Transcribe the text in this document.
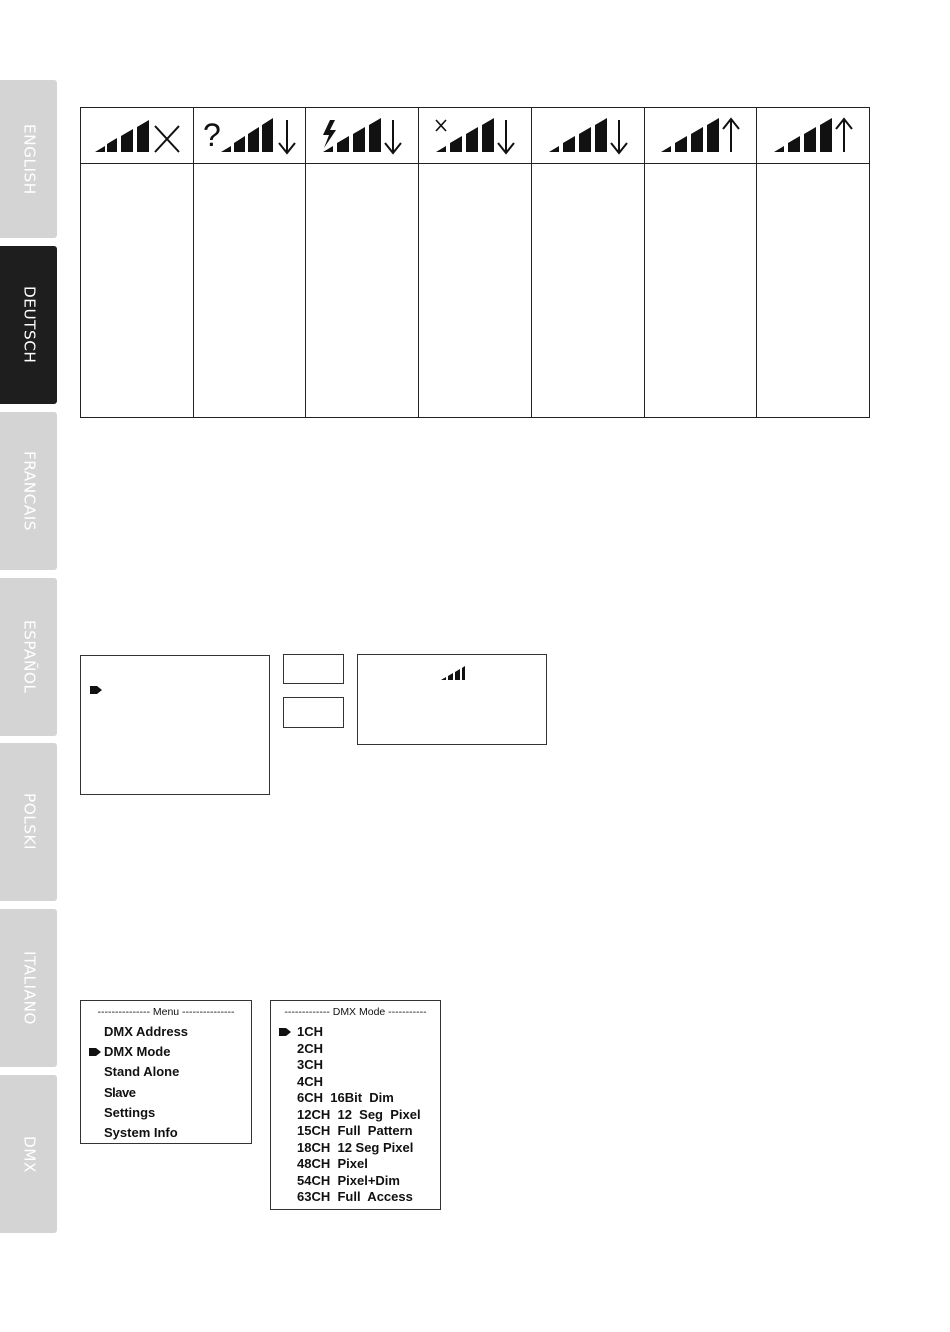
ENGLISH
DEUTSCH
FRANCAIS
ESPAÑOL
POLSKI
ITALIANO
DMX
?
--------------- Menu ---------------
DMX Address
DMX Mode
Stand Alone
Slave
Settings
System Info
------------- DMX Mode -----------
1CH
2CH
3CH
4CH
6CH  16Bit  Dim
12CH  12  Seg  Pixel
15CH  Full  Pattern
18CH  12 Seg Pixel
48CH  Pixel
54CH  Pixel+Dim
63CH  Full  Access
